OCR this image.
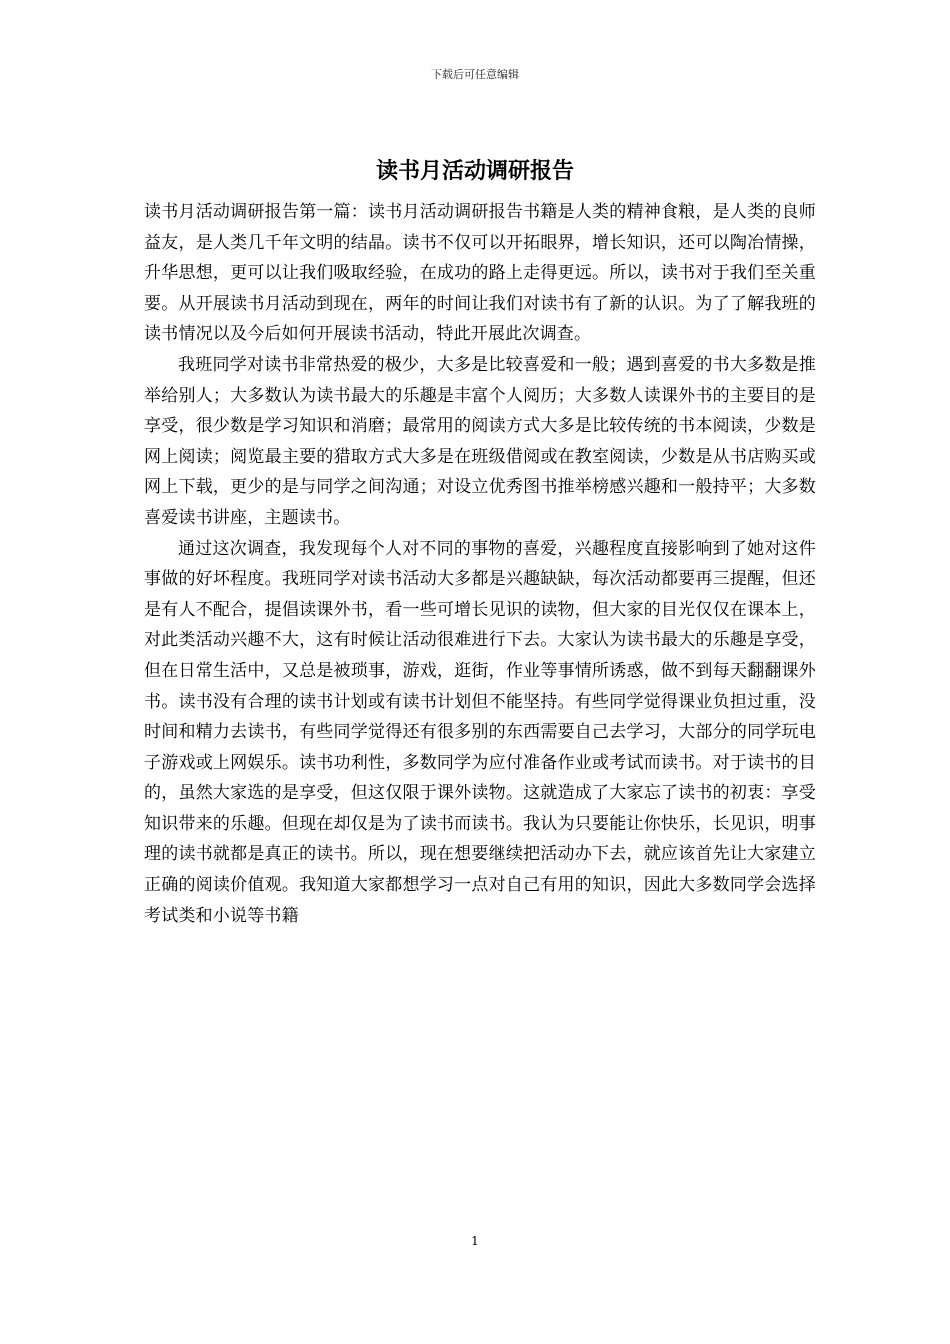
下载后可任意编辑
读书月活动调研报告

读书月活动调研报告第一篇：读书月活动调研报告书籍是人类的精神食粮，是人类的良师益友，是人类几千年文明的结晶。读书不仅可以开拓眼界，增长知识，还可以陶冶情操，升华思想，更可以让我们吸取经验，在成功的路上走得更远。所以，读书对于我们至关重要。从开展读书月活动到现在，两年的时间让我们对读书有了新的认识。为了了解我班的读书情况以及今后如何开展读书活动，特此开展此次调查。

我班同学对读书非常热爱的极少，大多是比较喜爱和一般；遇到喜爱的书大多数是推举给别人；大多数认为读书最大的乐趣是丰富个人阅历；大多数人读课外书的主要目的是享受，很少数是学习知识和消磨；最常用的阅读方式大多是比较传统的书本阅读，少数是网上阅读；阅览最主要的猎取方式大多是在班级借阅或在教室阅读，少数是从书店购买或网上下载，更少的是与同学之间沟通；对设立优秀图书推举榜感兴趣和一般持平；大多数喜爱读书讲座，主题读书。

通过这次调查，我发现每个人对不同的事物的喜爱，兴趣程度直接影响到了她对这件事做的好坏程度。我班同学对读书活动大多都是兴趣缺缺，每次活动都要再三提醒，但还是有人不配合，提倡读课外书，看一些可增长见识的读物，但大家的目光仅仅在课本上，对此类活动兴趣不大，这有时候让活动很难进行下去。大家认为读书最大的乐趣是享受，但在日常生活中，又总是被琐事，游戏，逛街，作业等事情所诱惑，做不到每天翻翻课外书。读书没有合理的读书计划或有读书计划但不能坚持。有些同学觉得课业负担过重，没时间和精力去读书，有些同学觉得还有很多别的东西需要自己去学习，大部分的同学玩电子游戏或上网娱乐。读书功利性，多数同学为应付准备作业或考试而读书。对于读书的目的，虽然大家选的是享受，但这仅限于课外读物。这就造成了大家忘了读书的初衷：享受知识带来的乐趣。但现在却仅是为了读书而读书。我认为只要能让你快乐，长见识，明事理的读书就都是真正的读书。所以，现在想要继续把活动办下去，就应该首先让大家建立正确的阅读价值观。我知道大家都想学习一点对自己有用的知识，因此大多数同学会选择考试类和小说等书籍

1
